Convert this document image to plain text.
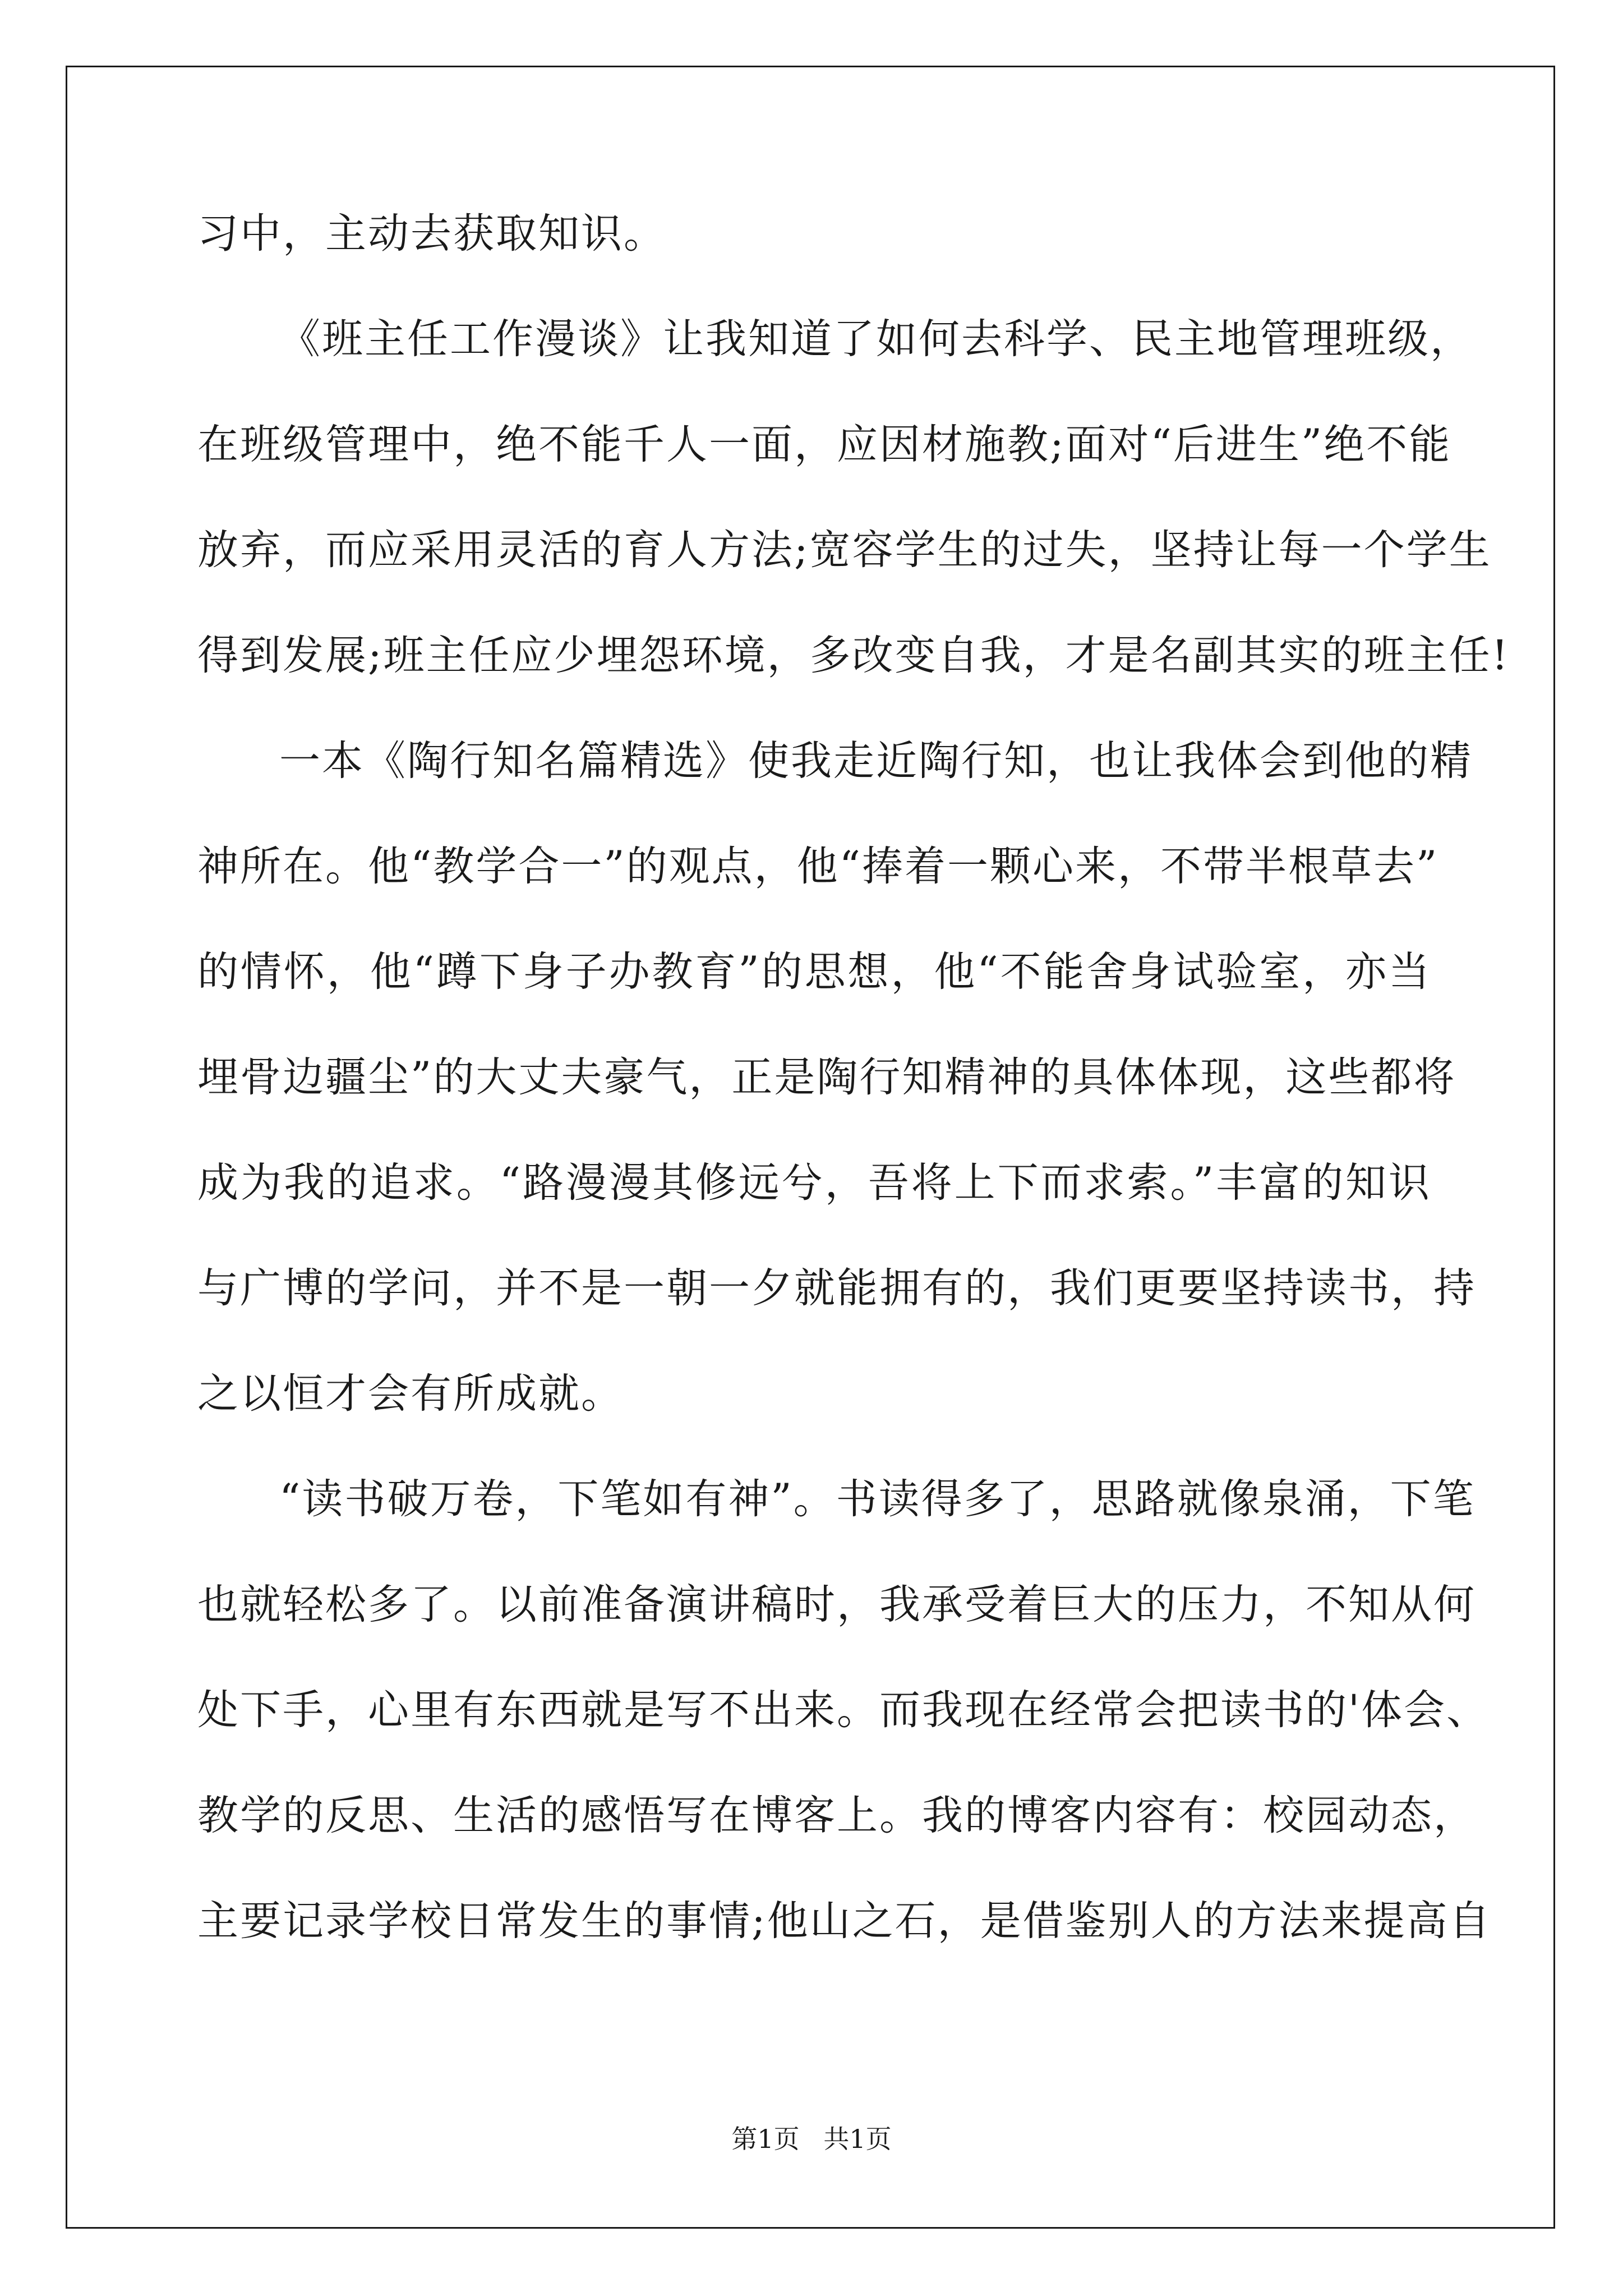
习中，主动去获取知识。
《班主任工作漫谈》让我知道了如何去科学、民主地管理班级，
在班级管理中，绝不能千人一面，应因材施教;面对“后进生”绝不能
放弃，而应采用灵活的育人方法;宽容学生的过失，坚持让每一个学生
得到发展;班主任应少埋怨环境，多改变自我，才是名副其实的班主任!
一本《陶行知名篇精选》使我走近陶行知，也让我体会到他的精
神所在。他“教学合一”的观点，他“捧着一颗心来，不带半根草去”
的情怀，他“蹲下身子办教育”的思想，他“不能舍身试验室，亦当
埋骨边疆尘”的大丈夫豪气，正是陶行知精神的具体体现，这些都将
成为我的追求。“路漫漫其修远兮，吾将上下而求索。”丰富的知识
与广博的学问，并不是一朝一夕就能拥有的，我们更要坚持读书，持
之以恒才会有所成就。
“读书破万卷，下笔如有神”。书读得多了，思路就像泉涌，下笔
也就轻松多了。以前准备演讲稿时，我承受着巨大的压力，不知从何
处下手，心里有东西就是写不出来。而我现在经常会把读书的'体会、
教学的反思、生活的感悟写在博客上。我的博客内容有：校园动态，
主要记录学校日常发生的事情;他山之石，是借鉴别人的方法来提高自
第1页 共1页
